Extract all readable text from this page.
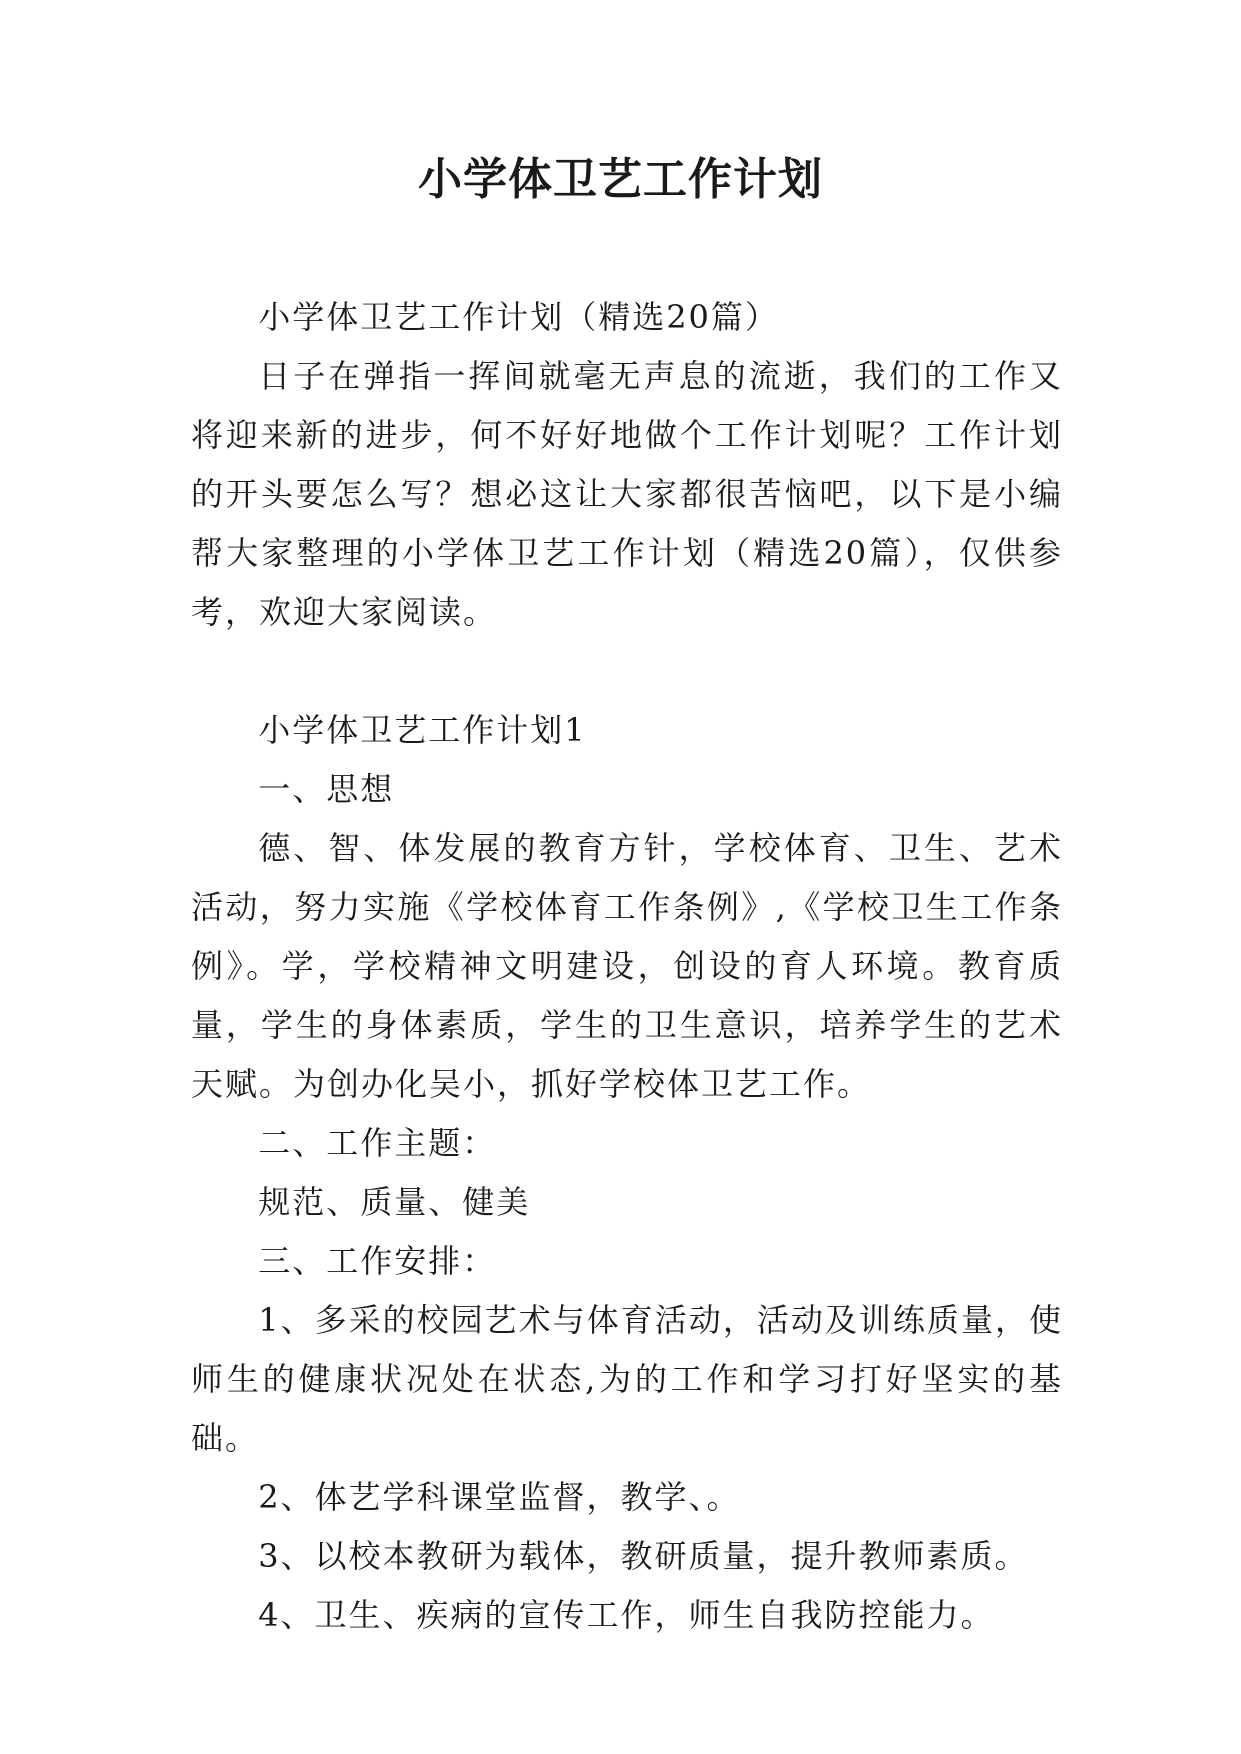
小学体卫艺工作计划

小学体卫艺工作计划（精选20篇）

日子在弹指一挥间就毫无声息的流逝，我们的工作又将迎来新的进步，何不好好地做个工作计划呢？工作计划的开头要怎么写？想必这让大家都很苦恼吧，以下是小编帮大家整理的小学体卫艺工作计划（精选20篇），仅供参考，欢迎大家阅读。

小学体卫艺工作计划1

一、思想

德、智、体发展的教育方针，学校体育、卫生、艺术活动，努力实施《学校体育工作条例》,《学校卫生工作条例》。学，学校精神文明建设，创设的育人环境。教育质量，学生的身体素质，学生的卫生意识，培养学生的艺术天赋。为创办化吴小，抓好学校体卫艺工作。

二、工作主题：

规范、质量、健美

三、工作安排：

1、多采的校园艺术与体育活动，活动及训练质量，使师生的健康状况处在状态,为的工作和学习打好坚实的基础。

2、体艺学科课堂监督，教学、。

3、以校本教研为载体，教研质量，提升教师素质。

4、卫生、疾病的宣传工作，师生自我防控能力。
